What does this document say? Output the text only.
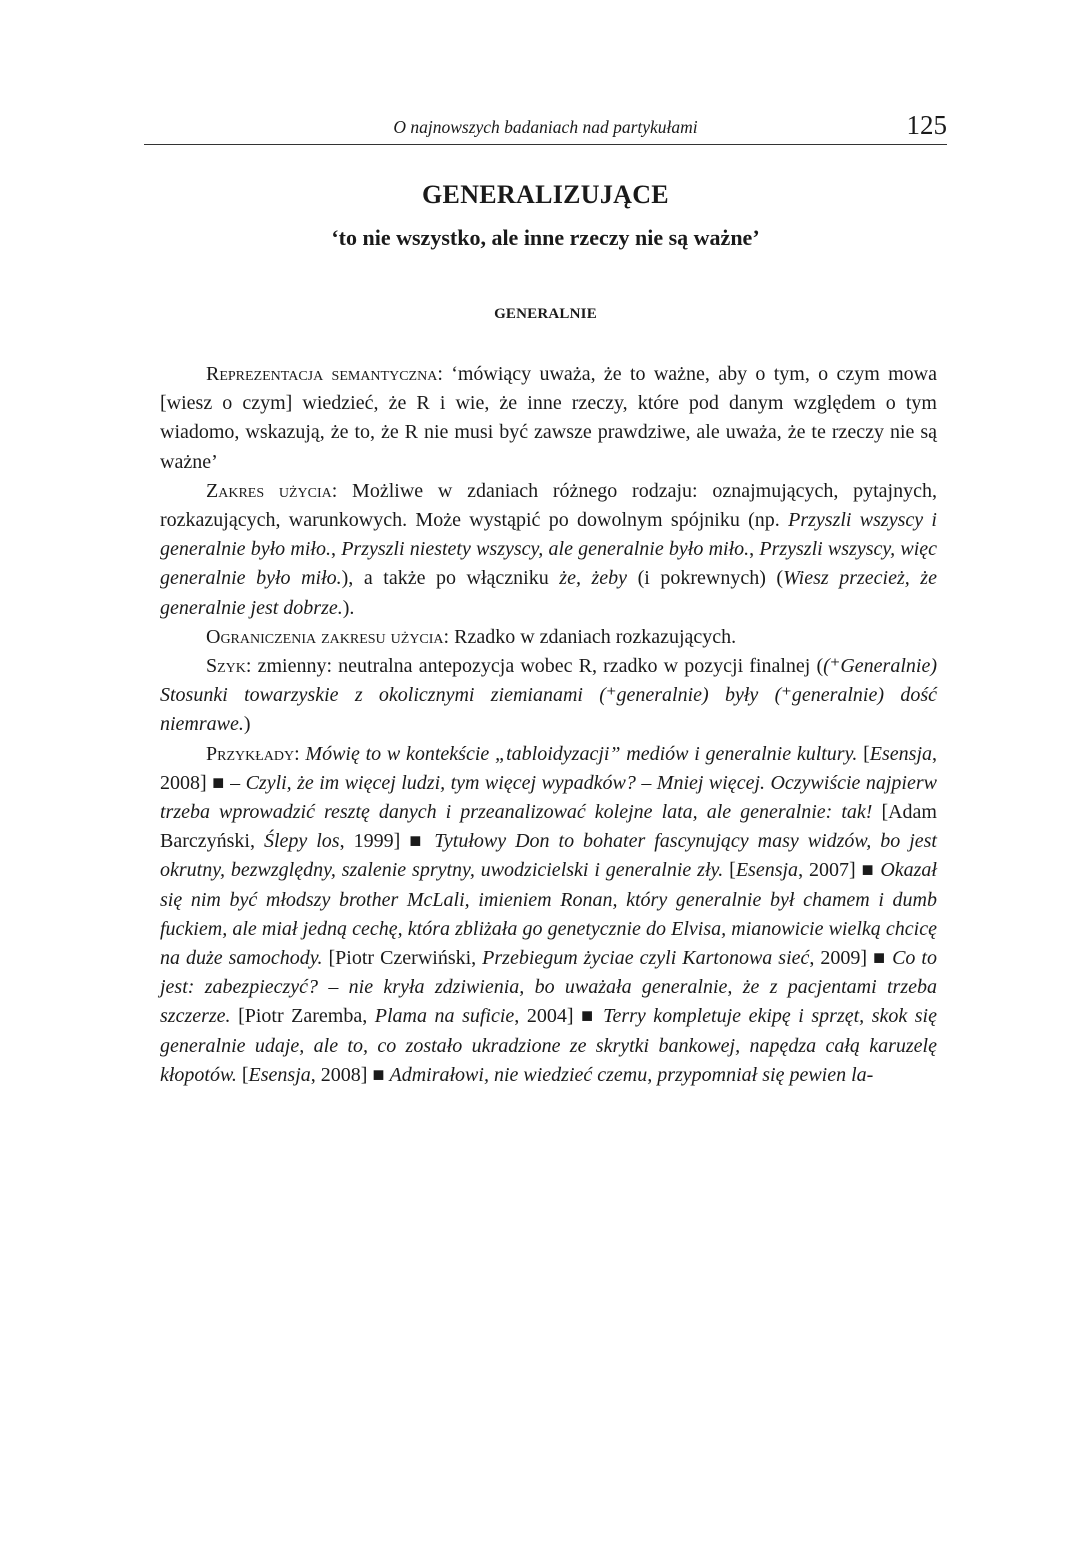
O najnowszych badaniach nad partykułami	125
GENERALIZUJĄCE
‘to nie wszystko, ale inne rzeczy nie są ważne’
GENERALNIE

Reprezentacja semantyczna: ‘mówiący uważa, że to ważne, aby o tym, o czym mowa [wiesz o czym] wiedzieć, że R i wie, że inne rzeczy, które pod danym względem o tym wiadomo, wskazują, że to, że R nie musi być zawsze prawdziwe, ale uważa, że te rzeczy nie są ważne’

Zakres użycia: Możliwe w zdaniach różnego rodzaju: oznajmujących, pytajnych, rozkazujących, warunkowych. Może wystąpić po dowolnym spójniku (np. Przyszli wszyscy i generalnie było miło., Przyszli niestety wszyscy, ale generalnie było miło., Przyszli wszyscy, więc generalnie było miło.), a także po włączniku że, żeby (i pokrewnych) (Wiesz przecież, że generalnie jest dobrze.).

Ograniczenia zakresu użycia: Rzadko w zdaniach rozkazujących.

Szyk: zmienny: neutralna antepozycja wobec R, rzadko w pozycji finalnej ((⁺Generalnie) Stosunki towarzyskie z okolicznymi ziemianami (⁺generalnie) były (⁺generalnie) dość niemrawe.)

Przykłady: Mówię to w kontekście „tabloidyzacji” mediów i generalnie kultury. [Esensja, 2008] ■ – Czyli, że im więcej ludzi, tym więcej wypadków? – Mniej więcej. Oczywiście najpierw trzeba wprowadzić resztę danych i przeanalizować kolejne lata, ale generalnie: tak! [Adam Barczyński, Ślepy los, 1999] ■ Tytułowy Don to bohater fascynujący masy widzów, bo jest okrutny, bezwzględny, szalenie sprytny, uwodzicielski i generalnie zły. [Esensja, 2007] ■ Okazał się nim być młodszy brother McLali, imieniem Ronan, który generalnie był chamem i dumb fuckiem, ale miał jedną cechę, która zbliżała go genetycznie do Elvisa, mianowicie wielką chcicę na duże samochody. [Piotr Czerwiński, Przebiegum życiae czyli Kartonowa sieć, 2009] ■ Co to jest: zabezpieczyć? – nie kryła zdziwienia, bo uważała generalnie, że z pacjentami trzeba szczerze. [Piotr Zaremba, Plama na suficie, 2004] ■ Terry kompletuje ekipę i sprzęt, skok się generalnie udaje, ale to, co zostało ukradzione ze skrytki bankowej, napędza całą karuzelę kłopotów. [Esensja, 2008] ■ Admirałowi, nie wiedzieć czemu, przypomniał się pewien la-
